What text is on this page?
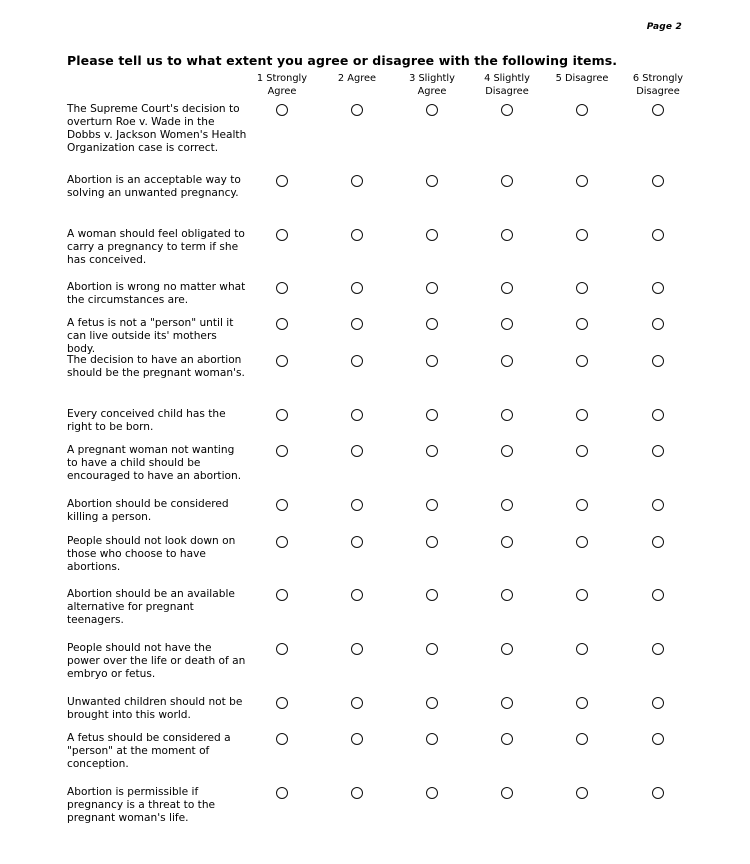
Page 2
Please tell us to what extent you agree or disagree with the following items.
1 Strongly
Agree
2 Agree	3 Slightly
Agree
4 Slightly
Disagree
5 Disagree	6 Strongly
Disagree
The Supreme Court's decision to overturn Roe v. Wade in the Dobbs v. Jackson Women's Health Organization case is correct.
Abortion is an acceptable way to solving an unwanted pregnancy.
A woman should feel obligated to carry a pregnancy to term if she has conceived.
Abortion is wrong no matter what the circumstances are.
A fetus is not a "person" until it can live outside its' mothers body.
The decision to have an abortion should be the pregnant woman's.
Every conceived child has the right to be born.
A pregnant woman not wanting to have a child should be encouraged to have an abortion.
Abortion should be considered killing a person.
People should not look down on those who choose to have abortions.
Abortion should be an available alternative for pregnant teenagers.
People should not have the power over the life or death of an embryo or fetus.
Unwanted children should not be brought into this world.
A fetus should be considered a "person" at the moment of conception.
Abortion is permissible if pregnancy is a threat to the pregnant woman's life.
